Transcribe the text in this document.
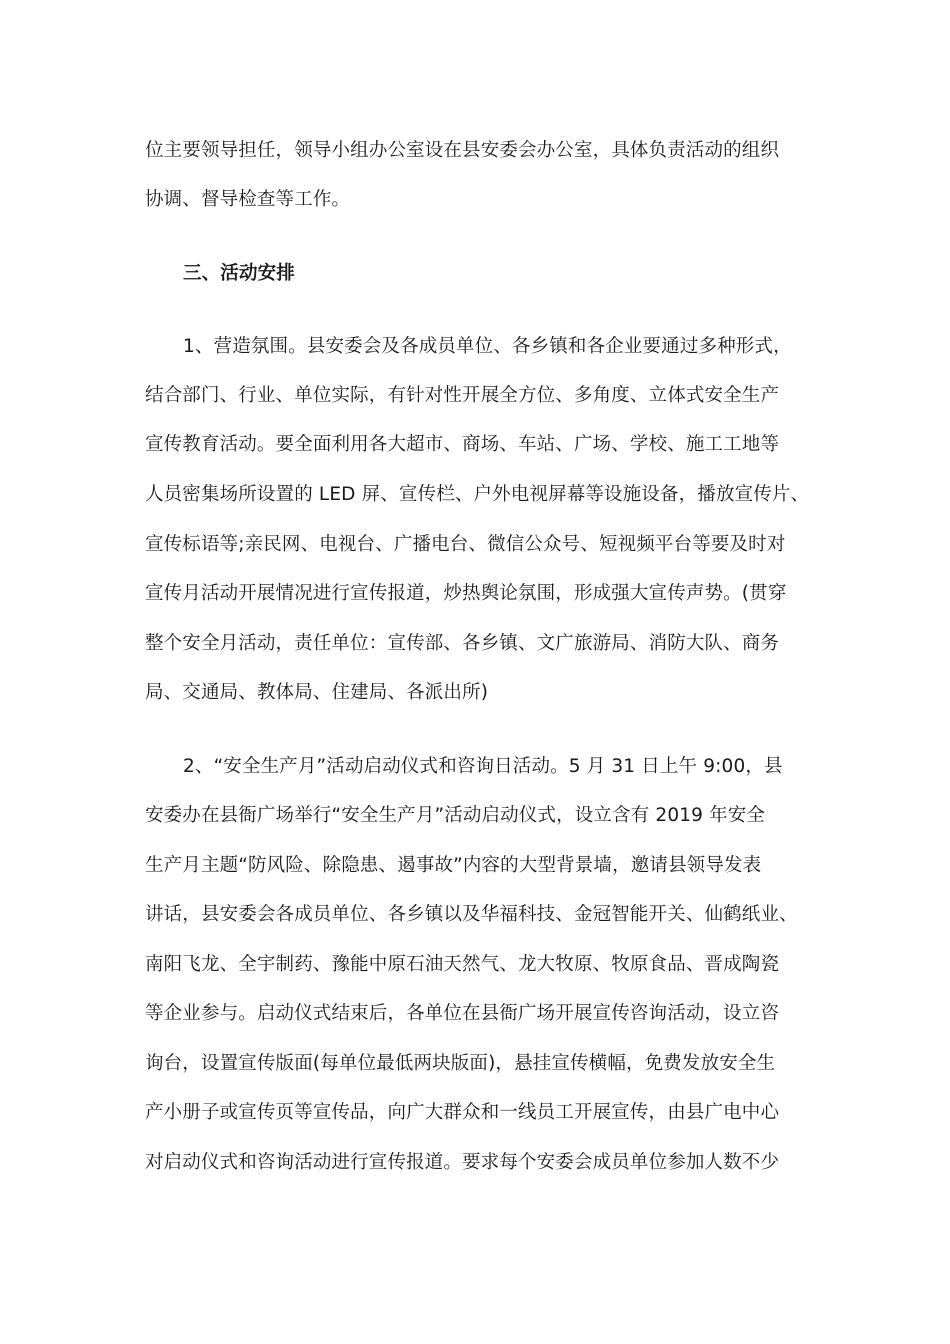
位主要领导担任，领导小组办公室设在县安委会办公室，具体负责活动的组织
协调、督导检查等工作。
三、活动安排
1、营造氛围。县安委会及各成员单位、各乡镇和各企业要通过多种形式，
结合部门、行业、单位实际，有针对性开展全方位、多角度、立体式安全生产
宣传教育活动。要全面利用各大超市、商场、车站、广场、学校、施工工地等
人员密集场所设置的 LED 屏、宣传栏、户外电视屏幕等设施设备，播放宣传片、
宣传标语等;亲民网、电视台、广播电台、微信公众号、短视频平台等要及时对
宣传月活动开展情况进行宣传报道，炒热舆论氛围，形成强大宣传声势。(贯穿
整个安全月活动，责任单位：宣传部、各乡镇、文广旅游局、消防大队、商务
局、交通局、教体局、住建局、各派出所)
2、“安全生产月”活动启动仪式和咨询日活动。5 月 31 日上午 9:00，县
安委办在县衙广场举行“安全生产月”活动启动仪式，设立含有 2019 年安全
生产月主题“防风险、除隐患、遏事故”内容的大型背景墙，邀请县领导发表
讲话，县安委会各成员单位、各乡镇以及华福科技、金冠智能开关、仙鹤纸业、
南阳飞龙、全宇制药、豫能中原石油天然气、龙大牧原、牧原食品、晋成陶瓷
等企业参与。启动仪式结束后，各单位在县衙广场开展宣传咨询活动，设立咨
询台，设置宣传版面(每单位最低两块版面)，悬挂宣传横幅，免费发放安全生
产小册子或宣传页等宣传品，向广大群众和一线员工开展宣传，由县广电中心
对启动仪式和咨询活动进行宣传报道。要求每个安委会成员单位参加人数不少
